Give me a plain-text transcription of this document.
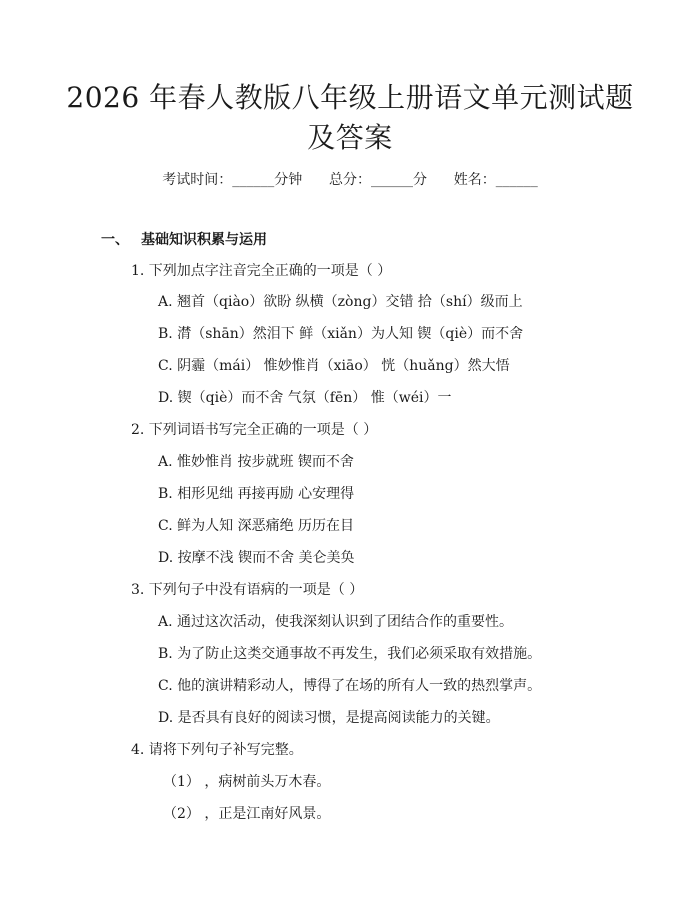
2026 年春人教版八年级上册语文单元测试题
及答案
考试时间：______分钟      总分：______分      姓名：______
一、 基础知识积累与运用
1. 下列加点字注音完全正确的一项是（ ）
A. 翘首（qiào）欲盼 纵横（zòng）交错 拾（shí）级而上
B. 潸（shān）然泪下 鲜（xiǎn）为人知 锲（qiè）而不舍
C. 阴霾（mái） 惟妙惟肖（xiāo） 恍（huǎng）然大悟
D. 锲（qiè）而不舍 气氛（fēn） 惟（wéi）一
2. 下列词语书写完全正确的一项是（ ）
A. 惟妙惟肖 按步就班 锲而不舍
B. 相形见绌 再接再励 心安理得
C. 鲜为人知 深恶痛绝 历历在目
D. 按摩不浅 锲而不舍 美仑美奂
3. 下列句子中没有语病的一项是（ ）
A. 通过这次活动，使我深刻认识到了团结合作的重要性。
B. 为了防止这类交通事故不再发生，我们必须采取有效措施。
C. 他的演讲精彩动人，博得了在场的所有人一致的热烈掌声。
D. 是否具有良好的阅读习惯，是提高阅读能力的关键。
4. 请将下列句子补写完整。
（1） ，病树前头万木春。
（2） ，正是江南好风景。
